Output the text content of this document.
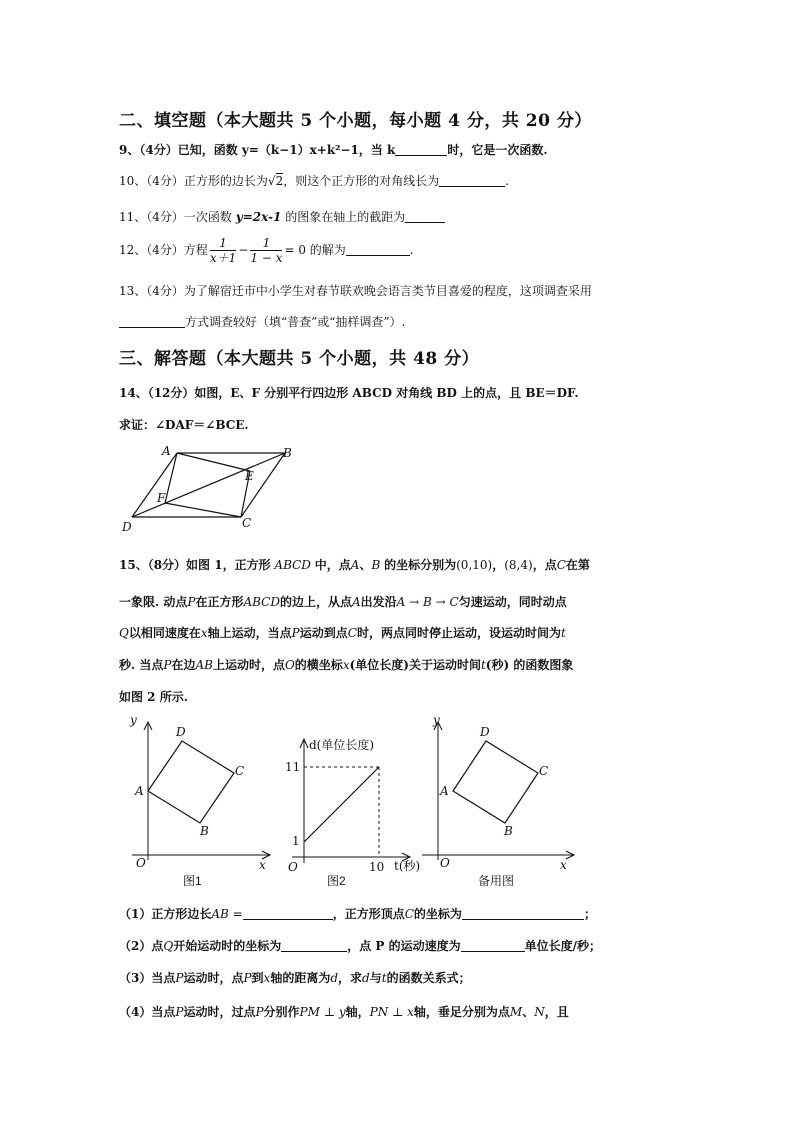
二、填空题（本大题共 5 个小题，每小题 4 分，共 20 分）
9、（4分）已知，函数 y=（k−1）x+k²−1，当 k	时，它是一次函数.
10、（4分）正方形的边长为√2，则这个正方形的对角线长为	.
11、（4分）一次函数 y=2x-1 的图象在轴上的截距为
12、（4分）方程 $\frac{1}{x+1} - \frac{1}{1 - x} = 0$ 的解为	.
13、（4分）为了解宿迁市中小学生对春节联欢晚会语言类节目喜爱的程度，这项调查采用
方式调查较好（填“普查”或“抽样调查”）.
三、解答题（本大题共 5 个小题，共 48 分）
14、（12分）如图，E、F 分别平行四边形 ABCD 对角线 BD 上的点，且 BE＝DF.
求证：∠DAF＝∠BCE.
A	B
C
D
E
F
15、（8分）如图 1，正方形 ABCD 中，点A、B 的坐标分别为(0,10)，(8,4)，点C在第
一象限. 动点P在正方形ABCD的边上，从点A出发沿A → B → C匀速运动，同时动点
Q以相同速度在x轴上运动，当点P运动到点C时，两点同时停止运动，设运动时间为t
秒. 当点P在边AB上运动时，点O的横坐标x(单位长度)关于运动时间t(秒) 的函数图象
如图 2 所示.
y
x
O
A
B
C
D
图1
d(单位长度)
t(秒)
O
11
1
10
图2
y
x
O
A
B
C
D
备用图
（1）正方形边长AB =	，正方形顶点C的坐标为	；
（2）点Q开始运动时的坐标为	，点 P 的运动速度为	单位长度/秒；
（3）当点P运动时，点P到x轴的距离为d，求d与t的函数关系式；
（4）当点P运动时，过点P分别作PM ⊥ y轴，PN ⊥ x轴，垂足分别为点M、N，且
